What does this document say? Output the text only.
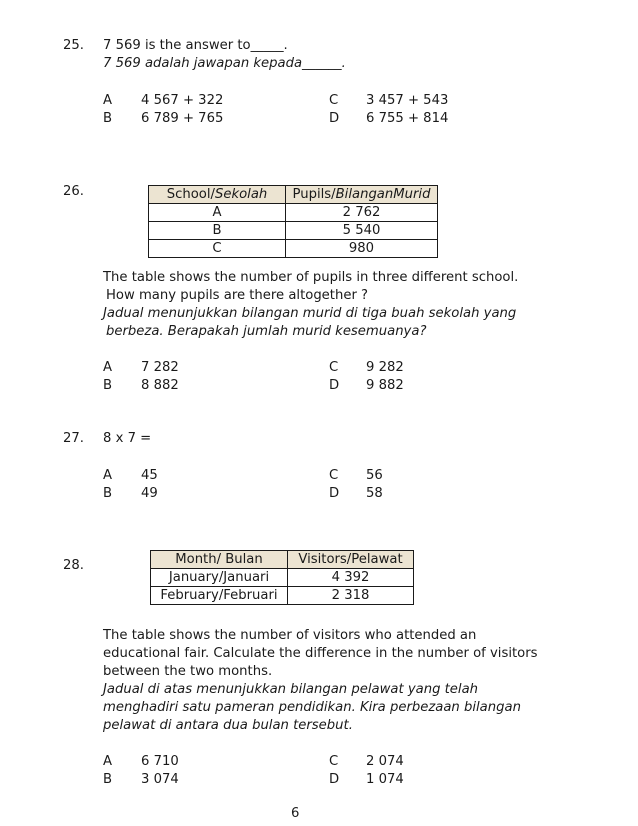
25. 7 569 is the answer to_____.
7 569 adalah jawapan kepada______.
A 4 567 + 322
B 6 789 + 765
C 3 457 + 543
D 6 755 + 814
26.	School/Sekolah	Pupils/BilanganMurid
A	2 762
B	5 540
C	980
The table shows the number of pupils in three different school.
How many pupils are there altogether ?
Jadual menunjukkan bilangan murid di tiga buah sekolah yang
berbeza. Berapakah jumlah murid kesemuanya?
A 7 282
B 8 882
C 9 282
D 9 882
27. 8 x 7 =
A 45
B 49
C 56
D 58
28.	Month/ Bulan	Visitors/Pelawat
January/Januari	4 392
February/Februari	2 318
The table shows the number of visitors who attended an
educational fair. Calculate the difference in the number of visitors
between the two months.
Jadual di atas menunjukkan bilangan pelawat yang telah
menghadiri satu pameran pendidikan. Kira perbezaan bilangan
pelawat di antara dua bulan tersebut.
A 6 710
B 3 074
C 2 074
D 1 074
6
